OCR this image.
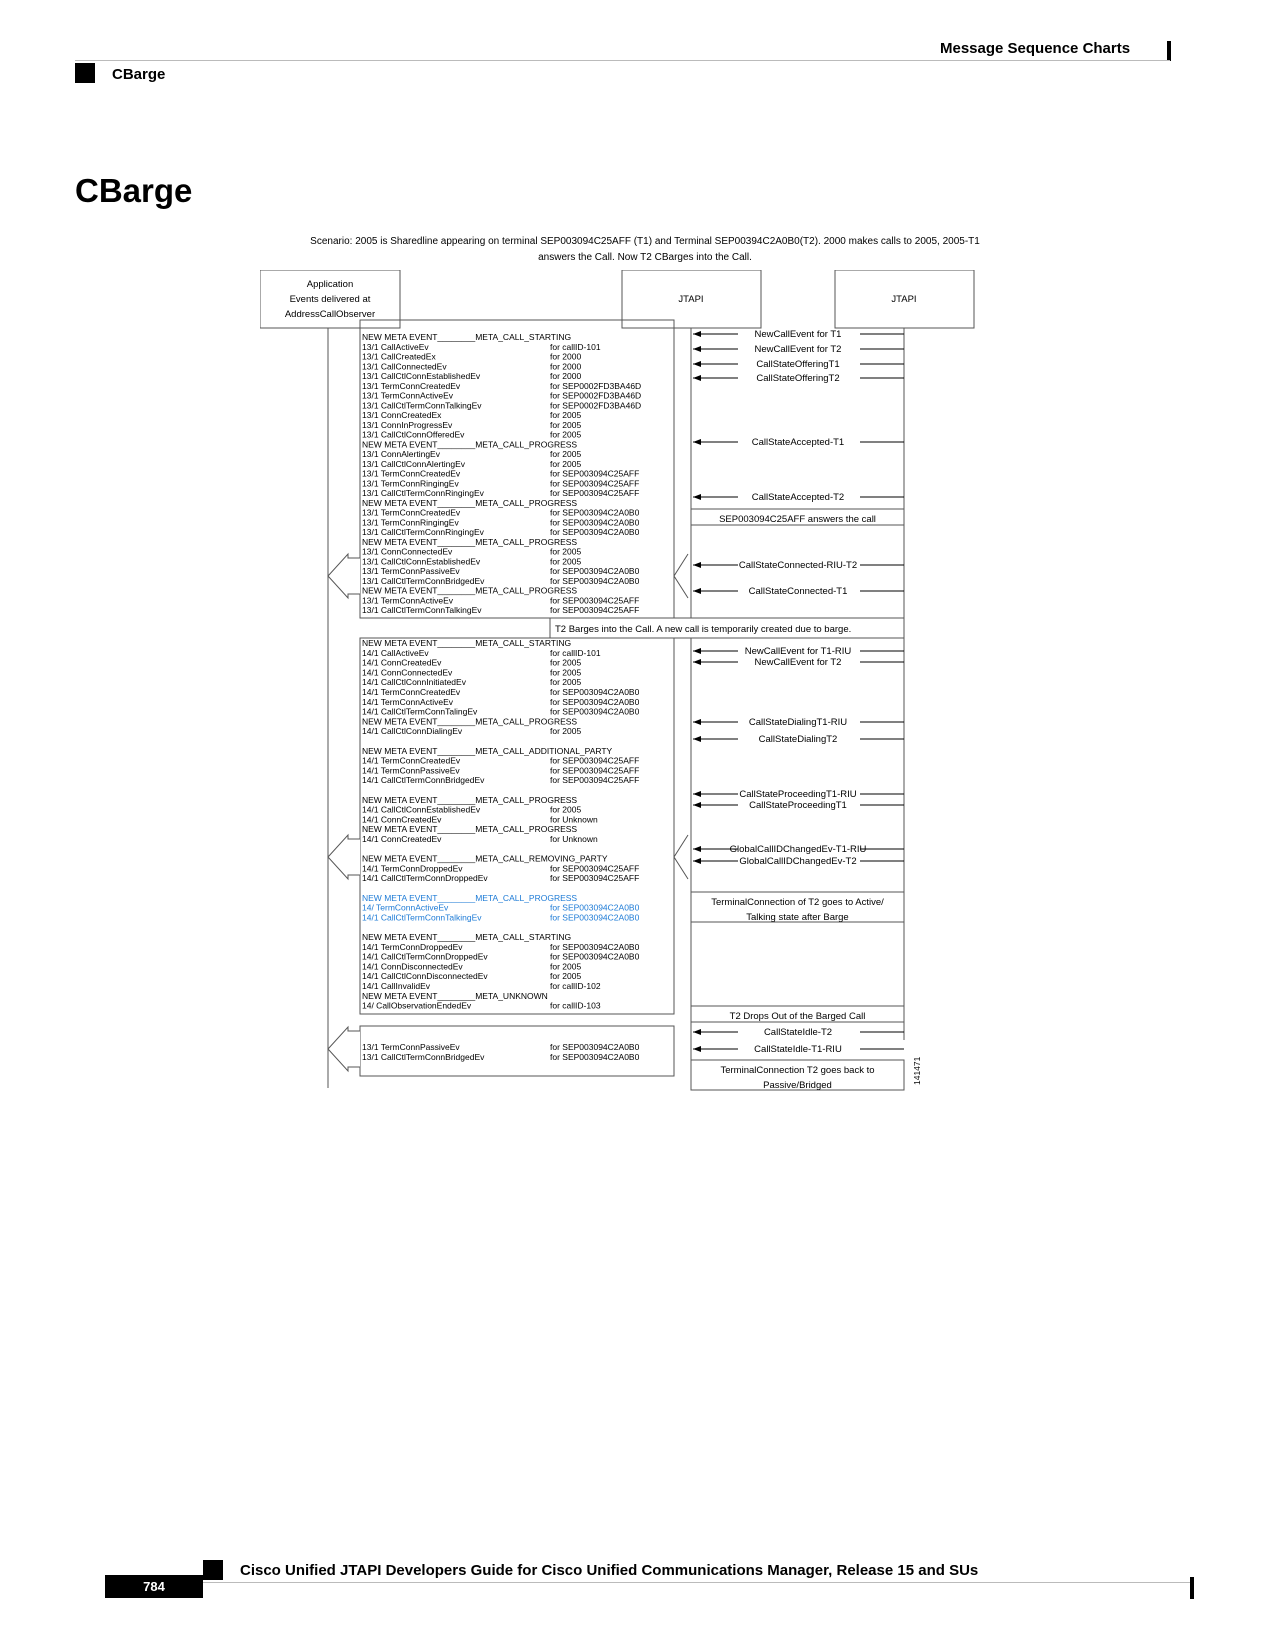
Message Sequence Charts
CBarge
CBarge
Scenario: 2005 is Sharedline appearing on terminal SEP003094C25AFF (T1) and Terminal SEP00394C2A0B0(T2). 2000 makes calls to 2005, 2005-T1
answers the Call. Now T2 CBarges into the Call.
Application
Events delivered at
AddressCallObserver
JTAPI	JTAPI
NEW META EVENT________META_CALL_STARTING
13/1 CallActiveEv	for callID-101
13/1 CallCreatedEx	for 2000
13/1 CallConnectedEv	for 2000
13/1 CallCtlConnEstablishedEv	for 2000
13/1 TermConnCreatedEv	for SEP0002FD3BA46D
13/1 TermConnActiveEv	for SEP0002FD3BA46D
13/1 CallCtlTermConnTalkingEv	for SEP0002FD3BA46D
13/1 ConnCreatedEx	for 2005
13/1 ConnInProgressEv	for 2005
13/1 CallCtlConnOfferedEv	for 2005
NEW META EVENT________META_CALL_PROGRESS
13/1 ConnAlertingEv	for 2005
13/1 CallCtlConnAlertingEv	for 2005
13/1 TermConnCreatedEv	for SEP003094C25AFF
13/1 TermConnRingingEv	for SEP003094C25AFF
13/1 CallCtlTermConnRingingEv	for SEP003094C25AFF
NEW META EVENT________META_CALL_PROGRESS
13/1 TermConnCreatedEv	for SEP003094C2A0B0
13/1 TermConnRingingEv	for SEP003094C2A0B0
13/1 CallCtlTermConnRingingEv	for SEP003094C2A0B0
NEW META EVENT________META_CALL_PROGRESS
13/1 ConnConnectedEv	for 2005
13/1 CallCtlConnEstablishedEv	for 2005
13/1 TermConnPassiveEv	for SEP003094C2A0B0
13/1 CallCtlTermConnBridgedEv	for SEP003094C2A0B0
NEW META EVENT________META_CALL_PROGRESS
13/1 TermConnActiveEv	for SEP003094C25AFF
13/1 CallCtlTermConnTalkingEv	for SEP003094C25AFF
NEW META EVENT________META_CALL_STARTING
14/1 CallActiveEv	for callID-101
14/1 ConnCreatedEv	for 2005
14/1 ConnConnectedEv	for 2005
14/1 CallCtlConnInitiatedEv	for 2005
14/1 TermConnCreatedEv	for SEP003094C2A0B0
14/1 TermConnActiveEv	for SEP003094C2A0B0
14/1 CallCtlTermConnTalingEv	for SEP003094C2A0B0
NEW META EVENT________META_CALL_PROGRESS
14/1 CallCtlConnDialingEv	for 2005
NEW META EVENT________META_CALL_ADDITIONAL_PARTY
14/1 TermConnCreatedEv	for SEP003094C25AFF
14/1 TermConnPassiveEv	for SEP003094C25AFF
14/1 CallCtlTermConnBridgedEv	for SEP003094C25AFF
NEW META EVENT________META_CALL_PROGRESS
14/1 CallCtlConnEstablishedEv	for 2005
14/1 ConnCreatedEv	for Unknown
NEW META EVENT________META_CALL_PROGRESS
14/1 ConnCreatedEv	for Unknown
NEW META EVENT________META_CALL_REMOVING_PARTY
14/1 TermConnDroppedEv	for SEP003094C25AFF
14/1 CallCtlTermConnDroppedEv	for SEP003094C25AFF
NEW META EVENT________META_CALL_PROGRESS
14/ TermConnActiveEv	for SEP003094C2A0B0
14/1 CallCtlTermConnTalkingEv	for SEP003094C2A0B0
NEW META EVENT________META_CALL_STARTING
14/1 TermConnDroppedEv	for SEP003094C2A0B0
14/1 CallCtlTermConnDroppedEv	for SEP003094C2A0B0
14/1 ConnDisconnectedEv	for 2005
14/1 CallCtlConnDisconnectedEv	for 2005
14/1 CallInvalidEv	for callID-102
NEW META EVENT________META_UNKNOWN
14/ CallObservationEndedEv	for callID-103
13/1 TermConnPassiveEv	for SEP003094C2A0B0
13/1 CallCtlTermConnBridgedEv	for SEP003094C2A0B0
T2 Barges into the Call. A new call is temporarily created due to barge.
NewCallEvent for T1
NewCallEvent for T2
CallStateOfferingT1
CallStateOfferingT2
CallStateAccepted-T1
CallStateAccepted-T2
CallStateConnected-RIU-T2
CallStateConnected-T1
NewCallEvent for T1-RIU
NewCallEvent for T2
CallStateDialingT1-RIU
CallStateDialingT2
CallStateProceedingT1-RIU
CallStateProceedingT1
GlobalCallIDChangedEv-T1-RIU
GlobalCallIDChangedEv-T2
CallStateIdle-T2
CallStateIdle-T1-RIU
SEP003094C25AFF answers the call
TerminalConnection of T2 goes to Active/
Talking state after Barge
T2 Drops Out of the Barged Call
TerminalConnection T2 goes back to
Passive/Bridged
141471
Cisco Unified JTAPI Developers Guide for Cisco Unified Communications Manager, Release 15 and SUs
784
